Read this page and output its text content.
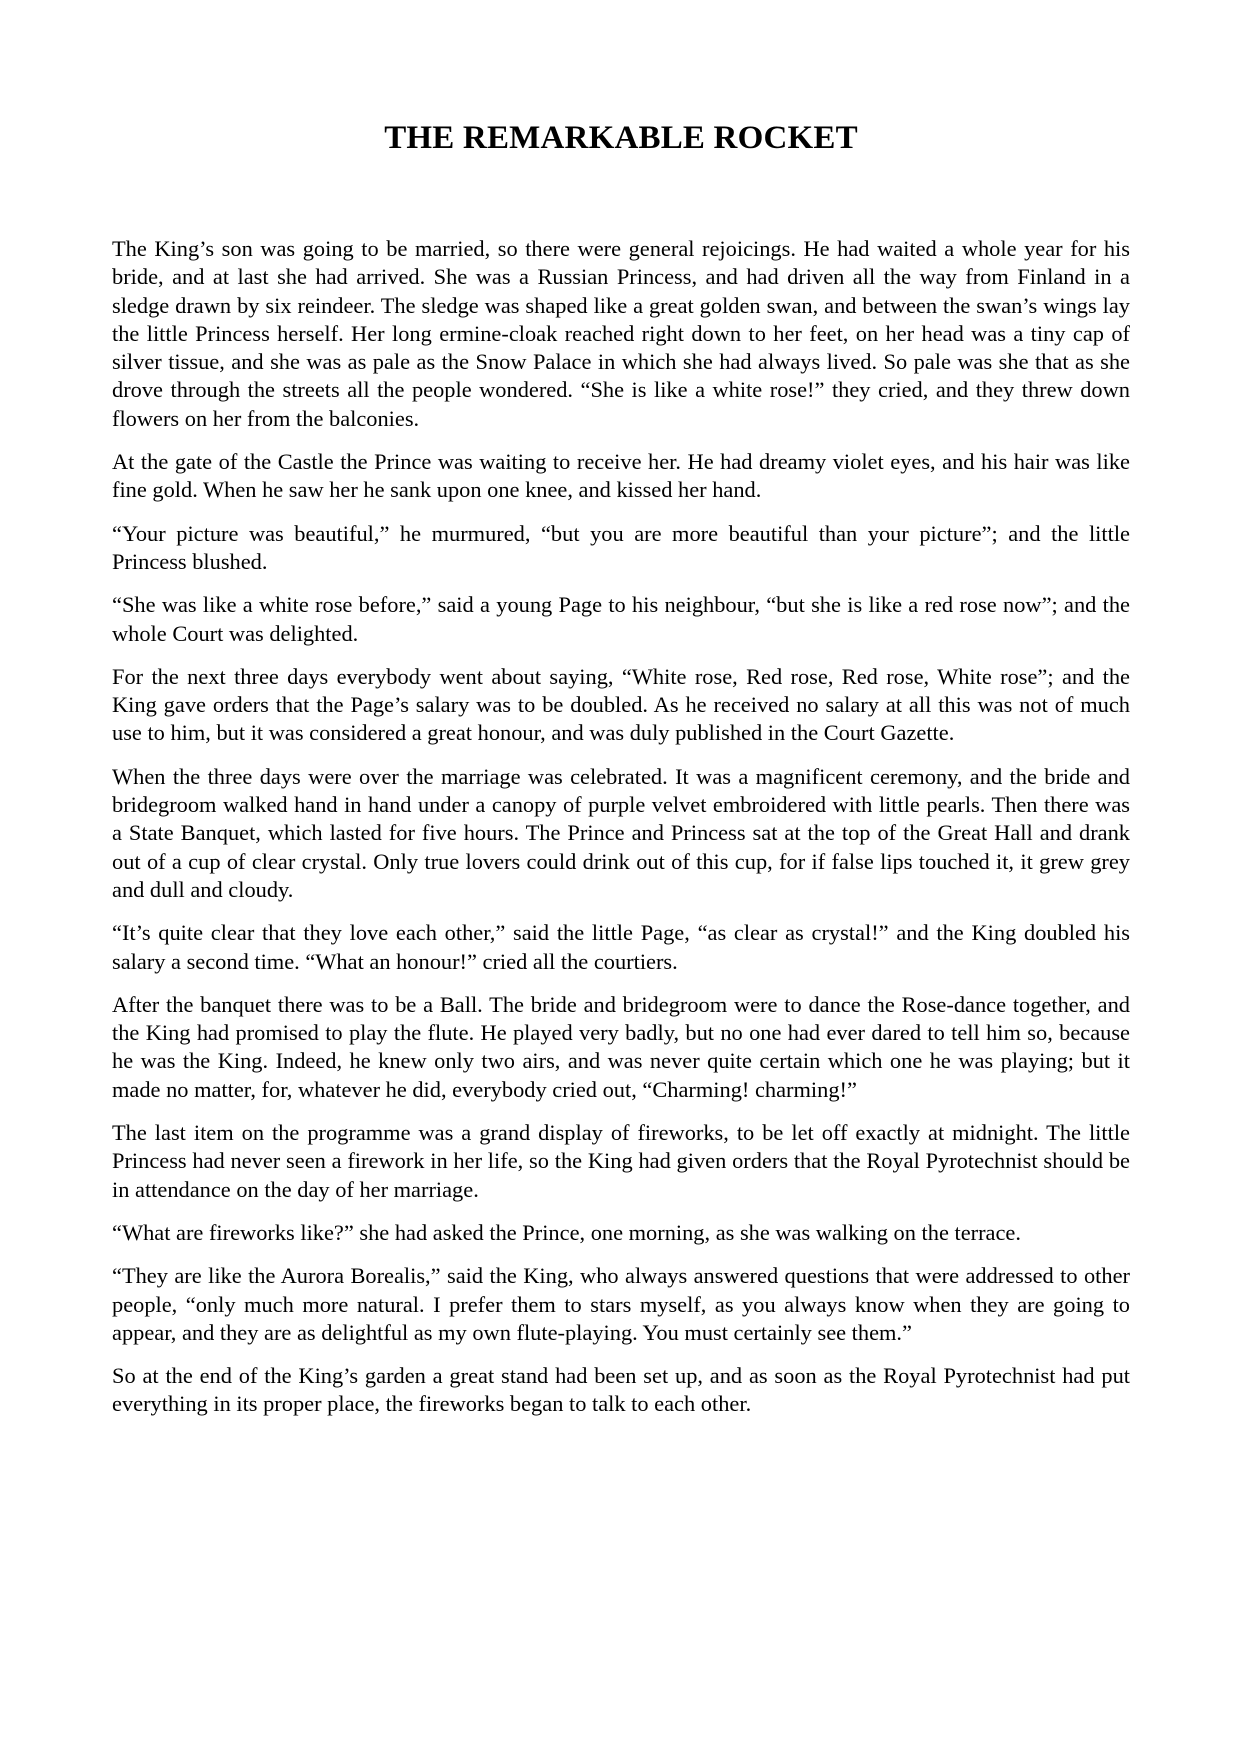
THE REMARKABLE ROCKET

The King’s son was going to be married, so there were general rejoicings. He had waited a whole year for his bride, and at last she had arrived. She was a Russian Princess, and had driven all the way from Finland in a sledge drawn by six reindeer. The sledge was shaped like a great golden swan, and between the swan’s wings lay the little Princess herself. Her long ermine-cloak reached right down to her feet, on her head was a tiny cap of silver tissue, and she was as pale as the Snow Palace in which she had always lived. So pale was she that as she drove through the streets all the people wondered. “She is like a white rose!” they cried, and they threw down flowers on her from the balconies.

At the gate of the Castle the Prince was waiting to receive her. He had dreamy violet eyes, and his hair was like fine gold. When he saw her he sank upon one knee, and kissed her hand.

“Your picture was beautiful,” he murmured, “but you are more beautiful than your picture”; and the little Princess blushed.

“She was like a white rose before,” said a young Page to his neighbour, “but she is like a red rose now”; and the whole Court was delighted.

For the next three days everybody went about saying, “White rose, Red rose, Red rose, White rose”; and the King gave orders that the Page’s salary was to be doubled. As he received no salary at all this was not of much use to him, but it was considered a great honour, and was duly published in the Court Gazette.

When the three days were over the marriage was celebrated. It was a magnificent ceremony, and the bride and bridegroom walked hand in hand under a canopy of purple velvet embroidered with little pearls. Then there was a State Banquet, which lasted for five hours. The Prince and Princess sat at the top of the Great Hall and drank out of a cup of clear crystal. Only true lovers could drink out of this cup, for if false lips touched it, it grew grey and dull and cloudy.

“It’s quite clear that they love each other,” said the little Page, “as clear as crystal!” and the King doubled his salary a second time. “What an honour!” cried all the courtiers.

After the banquet there was to be a Ball. The bride and bridegroom were to dance the Rose-dance together, and the King had promised to play the flute. He played very badly, but no one had ever dared to tell him so, because he was the King. Indeed, he knew only two airs, and was never quite certain which one he was playing; but it made no matter, for, whatever he did, everybody cried out, “Charming! charming!”

The last item on the programme was a grand display of fireworks, to be let off exactly at midnight. The little Princess had never seen a firework in her life, so the King had given orders that the Royal Pyrotechnist should be in attendance on the day of her marriage.

“What are fireworks like?” she had asked the Prince, one morning, as she was walking on the terrace.

“They are like the Aurora Borealis,” said the King, who always answered questions that were addressed to other people, “only much more natural. I prefer them to stars myself, as you always know when they are going to appear, and they are as delightful as my own flute-playing. You must certainly see them.”

So at the end of the King’s garden a great stand had been set up, and as soon as the Royal Pyrotechnist had put everything in its proper place, the fireworks began to talk to each other.
